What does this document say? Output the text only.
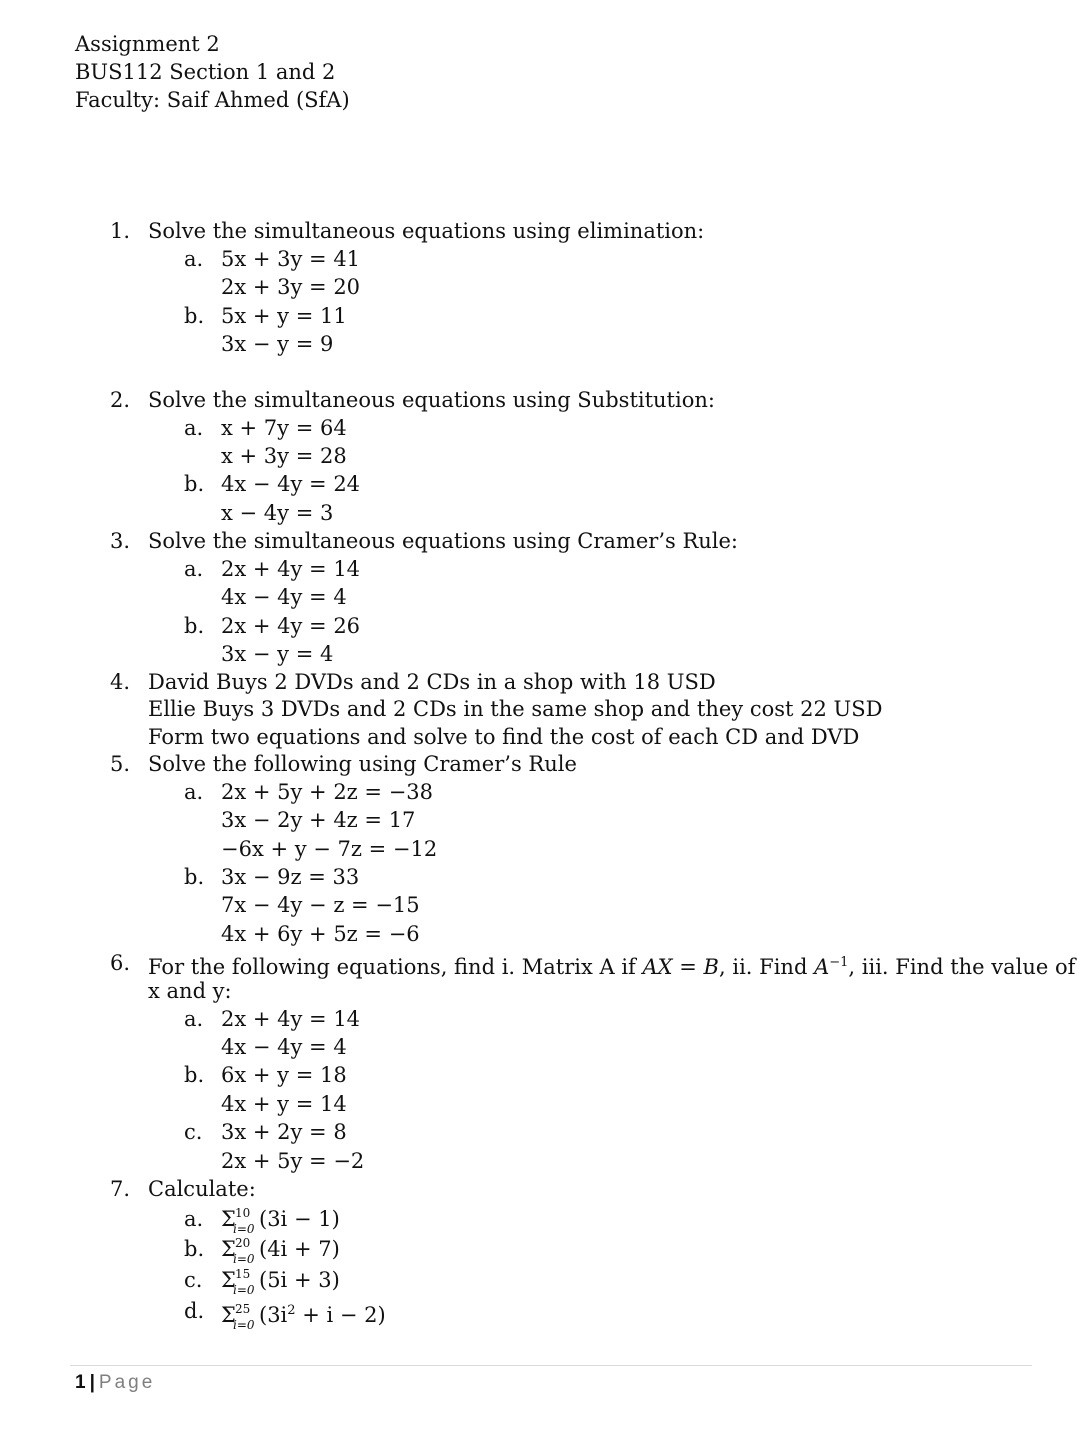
Assignment 2
BUS112 Section 1 and 2
Faculty: Saif Ahmed (SfA)
1. Solve the simultaneous equations using elimination:
a. 5x + 3y = 41
2x + 3y = 20
b. 5x + y = 11
3x − y = 9
2. Solve the simultaneous equations using Substitution:
a. x + 7y = 64
x + 3y = 28
b. 4x − 4y = 24
x − 4y = 3
3. Solve the simultaneous equations using Cramer’s Rule:
a. 2x + 4y = 14
4x − 4y = 4
b. 2x + 4y = 26
3x − y = 4
4. David Buys 2 DVDs and 2 CDs in a shop with 18 USD
Ellie Buys 3 DVDs and 2 CDs in the same shop and they cost 22 USD
Form two equations and solve to find the cost of each CD and DVD
5. Solve the following using Cramer’s Rule
a. 2x + 5y + 2z = −38
3x − 2y + 4z = 17
−6x + y − 7z = −12
b. 3x − 9z = 33
7x − 4y − z = −15
4x + 6y + 5z = −6
6. For the following equations, find i. Matrix A if AX = B, ii. Find $A^{-1}$, iii. Find the value of
x and y:
a. 2x + 4y = 14
4x − 4y = 4
b. 6x + y = 18
4x + y = 14
c. 3x + 2y = 8
2x + 5y = −2
7. Calculate:
a. Σ 10
i=0 (3i − 1)
b. Σ 20
i=0 (4i + 7)
c. Σ 15
i=0 (5i + 3)
d. Σ 25
i=0 $(3i^2 + i - 2)$
1 | Page
